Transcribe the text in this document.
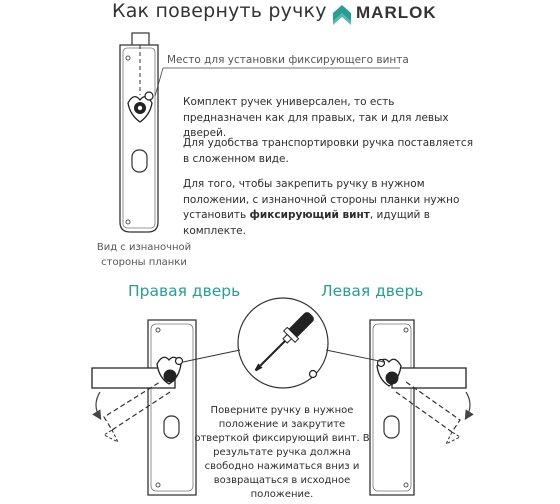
Как повернуть ручку MARLOK
Место для установки фиксирующего винта
Комплект ручек универсален, то есть предназначен как для правых, так и для левых дверей.
Для удобства транспортировки ручка поставляется в сложенном виде.
Для того, чтобы закрепить ручку в нужном положении, с изнаночной стороны планки нужно установить фиксирующий винт, идущий в комплекте.
Вид с изнаночной стороны планки
Правая дверь	Левая дверь
Поверните ручку в нужное положение и закрутите отверткой фиксирующий винт. В результате ручка должна свободно нажиматься вниз и возвращаться в исходное положение.
